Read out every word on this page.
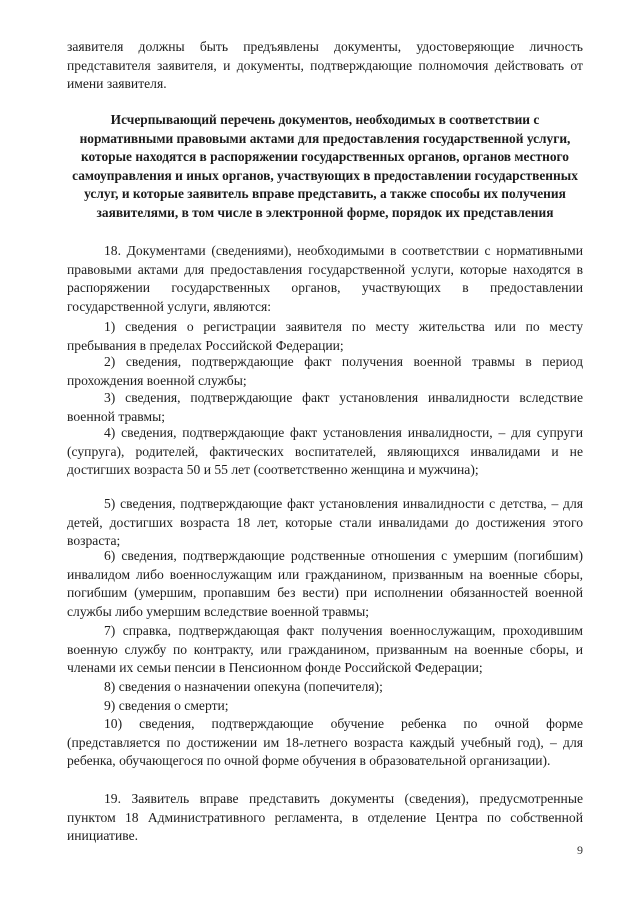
заявителя должны быть предъявлены документы, удостоверяющие личность представителя заявителя, и документы, подтверждающие полномочия действовать от имени заявителя.

Исчерпывающий перечень документов, необходимых в соответствии с нормативными правовыми актами для предоставления государственной услуги, которые находятся в распоряжении государственных органов, органов местного самоуправления и иных органов, участвующих в предоставлении государственных услуг, и которые заявитель вправе представить, а также способы их получения заявителями, в том числе в электронной форме, порядок их представления

18. Документами (сведениями), необходимыми в соответствии с нормативными правовыми актами для предоставления государственной услуги, которые находятся в распоряжении государственных органов, участвующих в предоставлении государственной услуги, являются:

1) сведения о регистрации заявителя по месту жительства или по месту пребывания в пределах Российской Федерации;

2) сведения, подтверждающие факт получения военной травмы в период прохождения военной службы;

3) сведения, подтверждающие факт установления инвалидности вследствие военной травмы;

4) сведения, подтверждающие факт установления инвалидности, – для супруги (супруга), родителей, фактических воспитателей, являющихся инвалидами и не достигших возраста 50 и 55 лет (соответственно женщина и мужчина);

5) сведения, подтверждающие факт установления инвалидности с детства, – для детей, достигших возраста 18 лет, которые стали инвалидами до достижения этого возраста;

6) сведения, подтверждающие родственные отношения с умершим (погибшим) инвалидом либо военнослужащим или гражданином, призванным на военные сборы, погибшим (умершим, пропавшим без вести) при исполнении обязанностей военной службы либо умершим вследствие военной травмы;

7) справка, подтверждающая факт получения военнослужащим, проходившим военную службу по контракту, или гражданином, призванным на военные сборы, и членами их семьи пенсии в Пенсионном фонде Российской Федерации;

8) сведения о назначении опекуна (попечителя);

9) сведения о смерти;

10) сведения, подтверждающие обучение ребенка по очной форме (представляется по достижении им 18-летнего возраста каждый учебный год), – для ребенка, обучающегося по очной форме обучения в образовательной организации).

19. Заявитель вправе представить документы (сведения), предусмотренные пунктом 18 Административного регламента, в отделение Центра по собственной инициативе.

9
